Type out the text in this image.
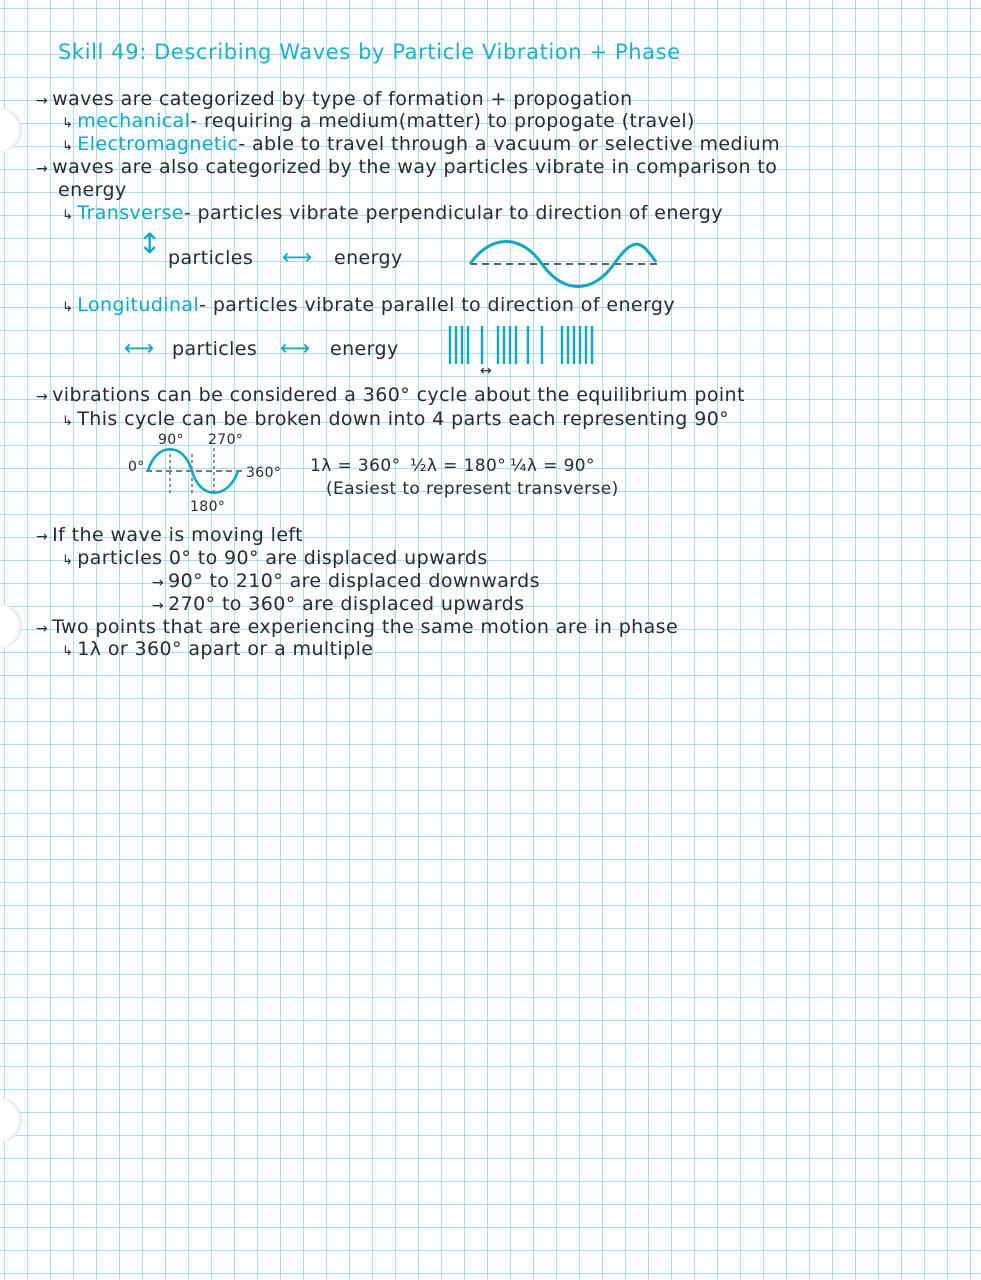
Skill 49: Describing Waves by Particle Vibration + Phase
→ waves are categorized by type of formation + propogation
↳ mechanical- requiring a medium(matter) to propogate (travel)
↳ Electromagnetic- able to travel through a vacuum or selective medium
→ waves are also categorized by the way particles vibrate in comparison to
energy
↳ Transverse- particles vibrate perpendicular to direction of energy
↕ particles ⟷ energy
↳ Longitudinal- particles vibrate parallel to direction of energy
⟷ particles ⟷ energy
↔
→ vibrations can be considered a 360° cycle about the equilibrium point
↳ This cycle can be broken down into 4 parts each representing 90°
90° 270°
0°	360°
180°
1λ = 360° ½λ = 180° ¼λ = 90°
(Easiest to represent transverse)
→ If the wave is moving left
↳ particles 0° to 90° are displaced upwards
→ 90° to 210° are displaced downwards
→ 270° to 360° are displaced upwards
→ Two points that are experiencing the same motion are in phase
↳ 1λ or 360° apart or a multiple
